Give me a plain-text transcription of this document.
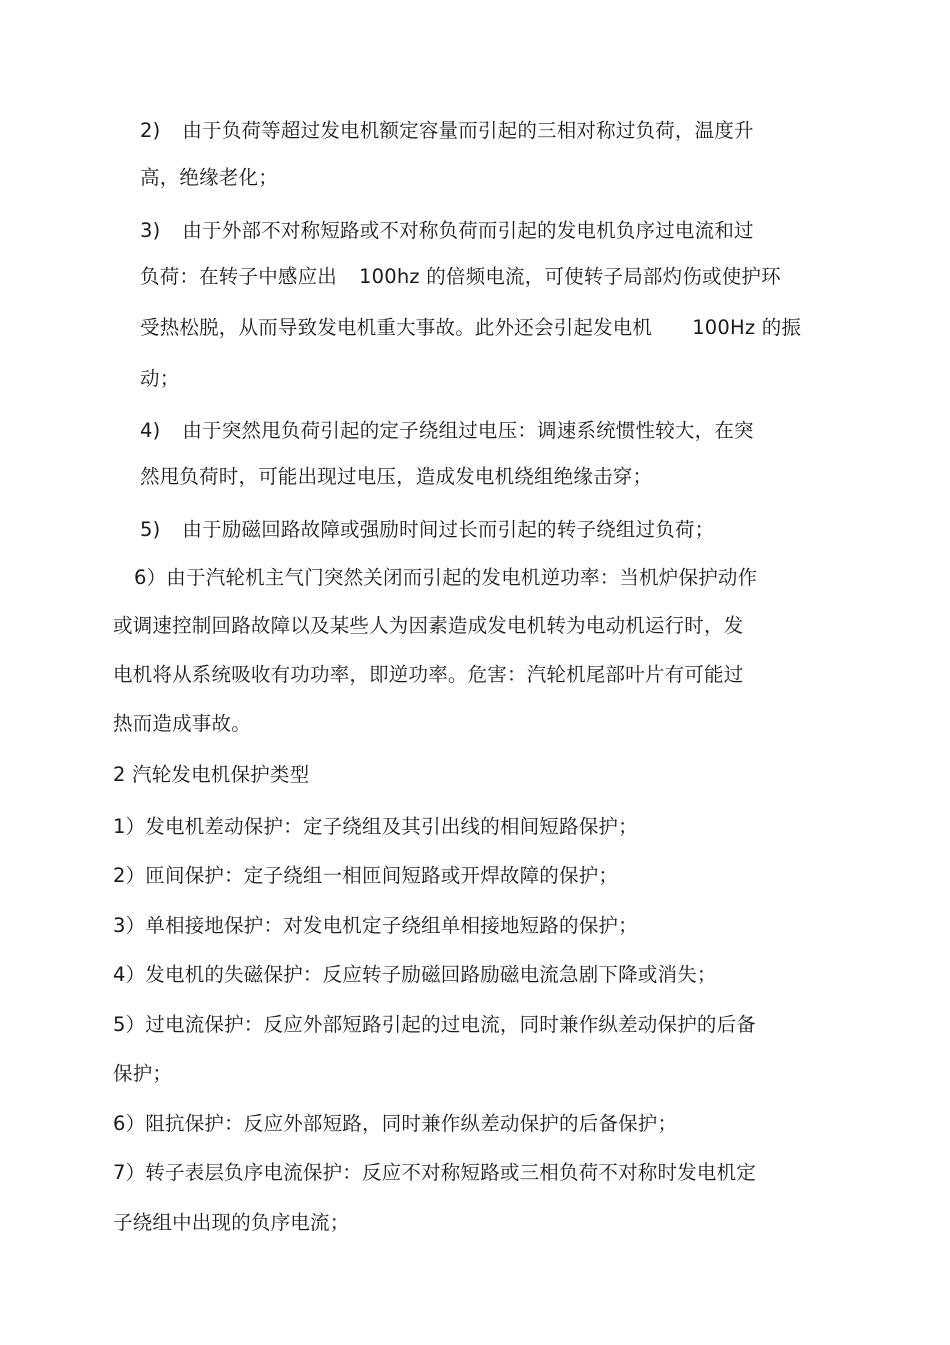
2) 由于负荷等超过发电机额定容量而引起的三相对称过负荷，温度升

高，绝缘老化；

3) 由于外部不对称短路或不对称负荷而引起的发电机负序过电流和过

负荷：在转子中感应出 100hz 的倍频电流，可使转子局部灼伤或使护环

受热松脱，从而导致发电机重大事故。此外还会引起发电机 100Hz 的振

动；

4) 由于突然甩负荷引起的定子绕组过电压：调速系统惯性较大，在突

然甩负荷时，可能出现过电压，造成发电机绕组绝缘击穿；

5) 由于励磁回路故障或强励时间过长而引起的转子绕组过负荷；

6）由于汽轮机主气门突然关闭而引起的发电机逆功率：当机炉保护动作

或调速控制回路故障以及某些人为因素造成发电机转为电动机运行时，发

电机将从系统吸收有功功率，即逆功率。危害：汽轮机尾部叶片有可能过

热而造成事故。

2 汽轮发电机保护类型

1）发电机差动保护：定子绕组及其引出线的相间短路保护；

2）匝间保护：定子绕组一相匝间短路或开焊故障的保护；

3）单相接地保护：对发电机定子绕组单相接地短路的保护；

4）发电机的失磁保护：反应转子励磁回路励磁电流急剧下降或消失；

5）过电流保护：反应外部短路引起的过电流，同时兼作纵差动保护的后备

保护；

6）阻抗保护：反应外部短路，同时兼作纵差动保护的后备保护；

7）转子表层负序电流保护：反应不对称短路或三相负荷不对称时发电机定

子绕组中出现的负序电流；
